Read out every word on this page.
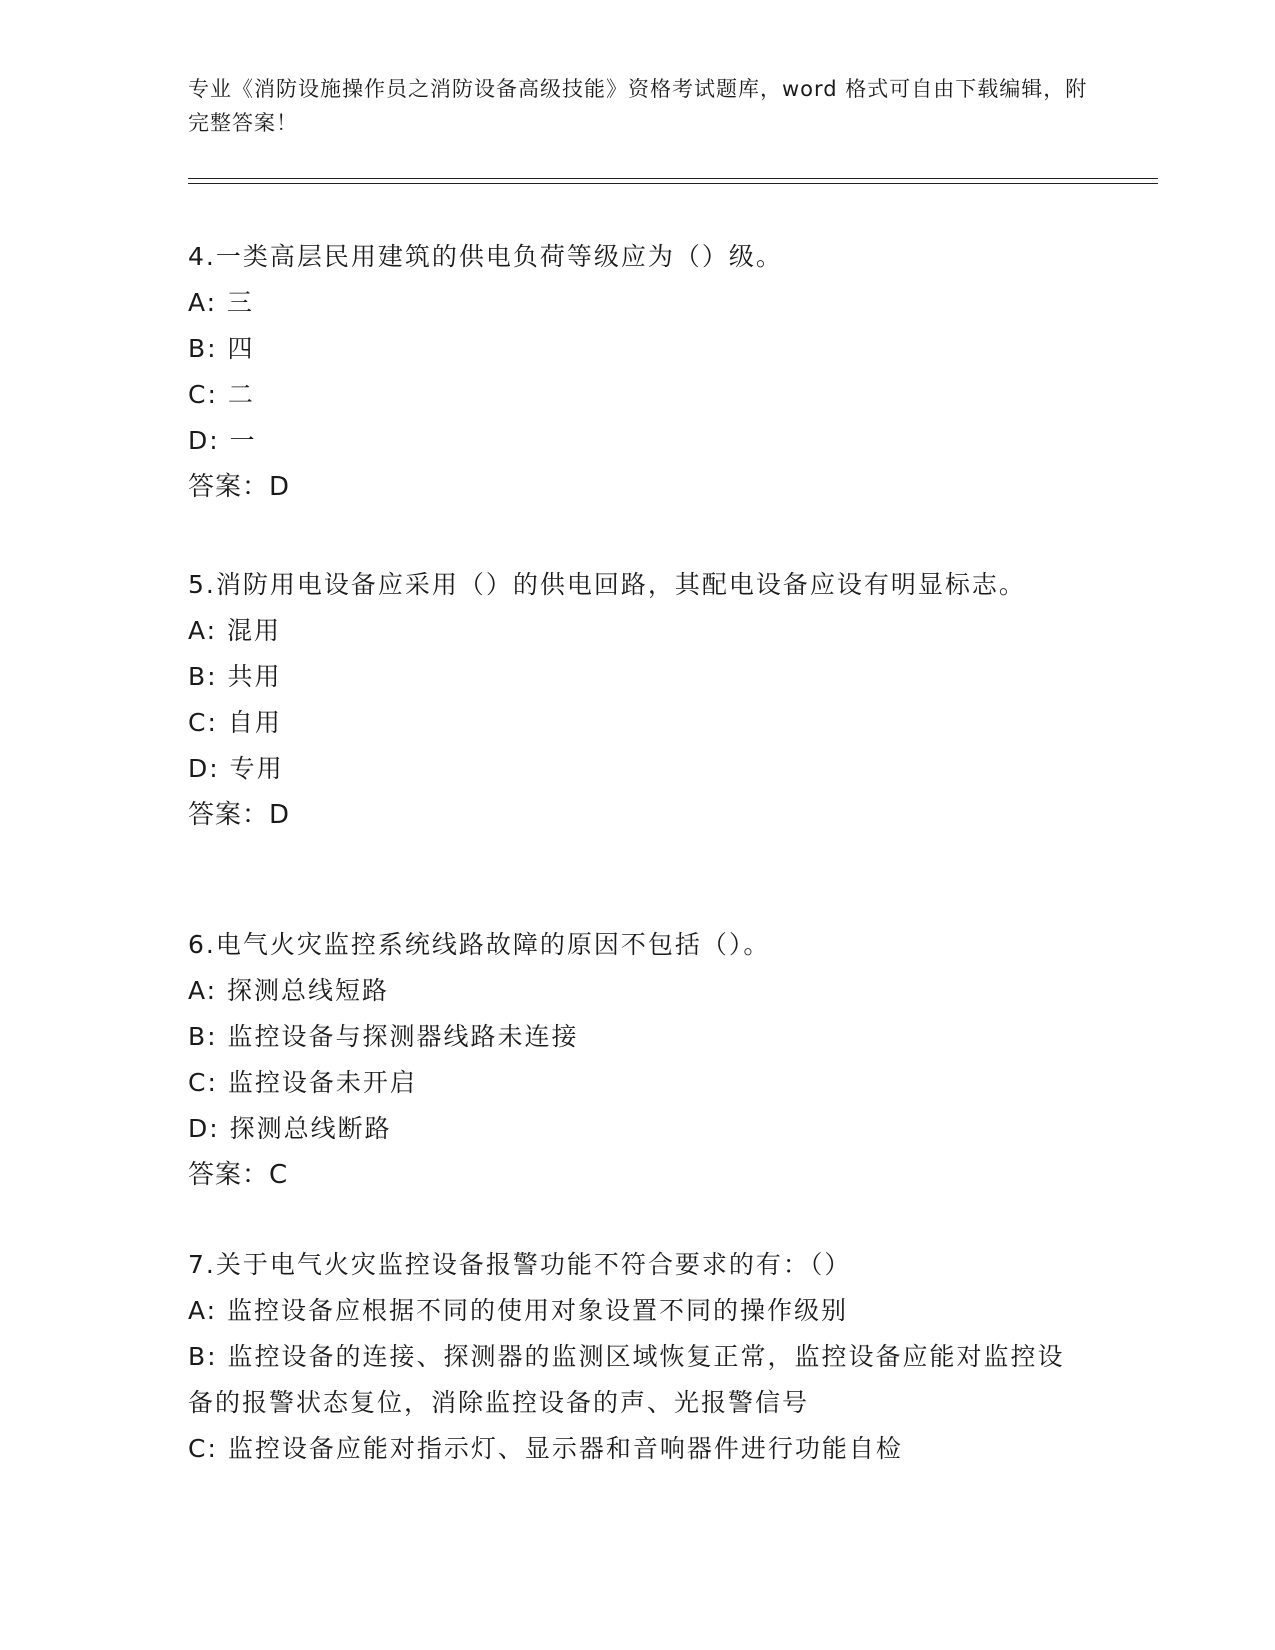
专业《消防设施操作员之消防设备高级技能》资格考试题库，word 格式可自由下载编辑，附完整答案！
4.一类高层民用建筑的供电负荷等级应为（）级。
A: 三
B: 四
C: 二
D: 一
答案：D
5.消防用电设备应采用（）的供电回路，其配电设备应设有明显标志。
A: 混用
B: 共用
C: 自用
D: 专用
答案：D
6.电气火灾监控系统线路故障的原因不包括（）。
A: 探测总线短路
B: 监控设备与探测器线路未连接
C: 监控设备未开启
D: 探测总线断路
答案：C
7.关于电气火灾监控设备报警功能不符合要求的有：（）
A: 监控设备应根据不同的使用对象设置不同的操作级别
B: 监控设备的连接、探测器的监测区域恢复正常，监控设备应能对监控设备的报警状态复位，消除监控设备的声、光报警信号
C: 监控设备应能对指示灯、显示器和音响器件进行功能自检
